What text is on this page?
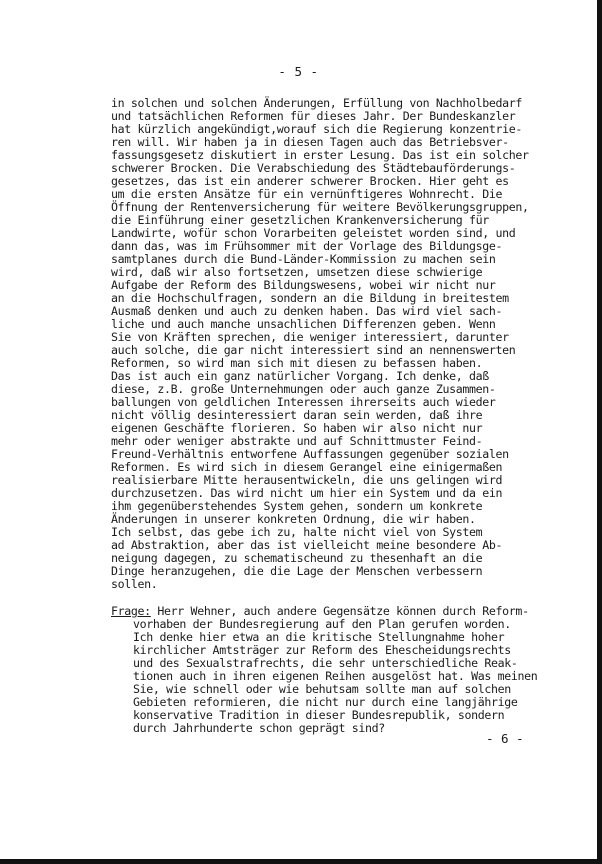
- 5 -
in solchen und solchen Änderungen, Erfüllung von Nachholbedarf
und tatsächlichen Reformen für dieses Jahr. Der Bundeskanzler
hat kürzlich angekündigt,worauf sich die Regierung konzentrie-
ren will. Wir haben ja in diesen Tagen auch das Betriebsver-
fassungsgesetz diskutiert in erster Lesung. Das ist ein solcher
schwerer Brocken. Die Verabschiedung des Städtebauförderungs-
gesetzes, das ist ein anderer schwerer Brocken. Hier geht es
um die ersten Ansätze für ein vernünftigeres Wohnrecht. Die
Öffnung der Rentenversicherung für weitere Bevölkerungsgruppen,
die Einführung einer gesetzlichen Krankenversicherung für
Landwirte, wofür schon Vorarbeiten geleistet worden sind, und
dann das, was im Frühsommer mit der Vorlage des Bildungsge-
samtplanes durch die Bund-Länder-Kommission zu machen sein
wird, daß wir also fortsetzen, umsetzen diese schwierige
Aufgabe der Reform des Bildungswesens, wobei wir nicht nur
an die Hochschulfragen, sondern an die Bildung in breitestem
Ausmaß denken und auch zu denken haben. Das wird viel sach-
liche und auch manche unsachlichen Differenzen geben. Wenn
Sie von Kräften sprechen, die weniger interessiert, darunter
auch solche, die gar nicht interessiert sind an nennenswerten
Reformen, so wird man sich mit diesen zu befassen haben.
Das ist auch ein ganz natürlicher Vorgang. Ich denke, daß
diese, z.B. große Unternehmungen oder auch ganze Zusammen-
ballungen von geldlichen Interessen ihrerseits auch wieder
nicht völlig desinteressiert daran sein werden, daß ihre
eigenen Geschäfte florieren. So haben wir also nicht nur
mehr oder weniger abstrakte und auf Schnittmuster Feind-
Freund-Verhältnis entworfene Auffassungen gegenüber sozialen
Reformen. Es wird sich in diesem Gerangel eine einigermaßen
realisierbare Mitte herausentwickeln, die uns gelingen wird
durchzusetzen. Das wird nicht um hier ein System und da ein
ihm gegenüberstehendes System gehen, sondern um konkrete
Änderungen in unserer konkreten Ordnung, die wir haben.
Ich selbst, das gebe ich zu, halte nicht viel von System
ad Abstraktion, aber das ist vielleicht meine besondere Ab-
neigung dagegen, zu schematischeund zu thesenhaft an die
Dinge heranzugehen, die die Lage der Menschen verbessern
sollen.
Frage: Herr Wehner, auch andere Gegensätze können durch Reform-
vorhaben der Bundesregierung auf den Plan gerufen worden.
Ich denke hier etwa an die kritische Stellungnahme hoher
kirchlicher Amtsträger zur Reform des Ehescheidungsrechts
und des Sexualstrafrechts, die sehr unterschiedliche Reak-
tionen auch in ihren eigenen Reihen ausgelöst hat. Was meinen
Sie, wie schnell oder wie behutsam sollte man auf solchen
Gebieten reformieren, die nicht nur durch eine langjährige
konservative Tradition in dieser Bundesrepublik, sondern
durch Jahrhunderte schon geprägt sind?
- 6 -
